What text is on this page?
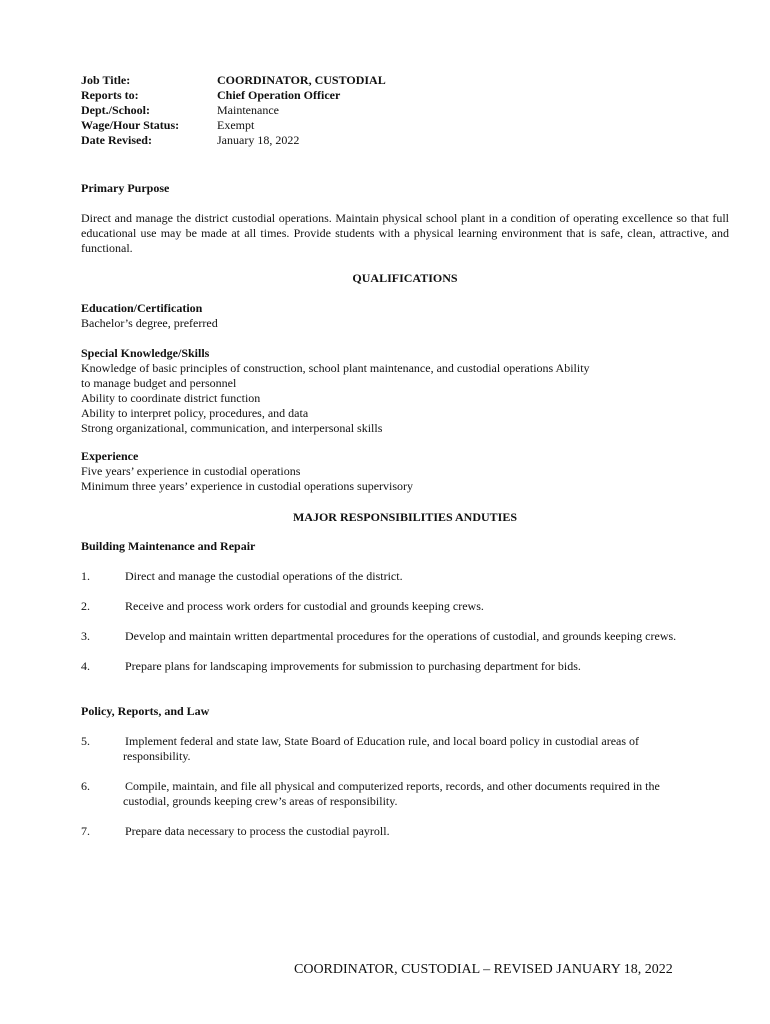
Job Title:	COORDINATOR, CUSTODIAL
Reports to:	Chief Operation Officer
Dept./School:	Maintenance
Wage/Hour Status:	Exempt
Date Revised:	January 18, 2022
Primary Purpose
Direct and manage the district custodial operations. Maintain physical school plant in a condition of operating excellence so that full educational use may be made at all times. Provide students with a physical learning environment that is safe, clean, attractive, and functional.
QUALIFICATIONS
Education/Certification
Bachelor’s degree, preferred
Special Knowledge/Skills
Knowledge of basic principles of construction, school plant maintenance, and custodial operations Ability
to manage budget and personnel
Ability to coordinate district function
Ability to interpret policy, procedures, and data
Strong organizational, communication, and interpersonal skills
Experience
Five years’ experience in custodial operations
Minimum three years’ experience in custodial operations supervisory
MAJOR RESPONSIBILITIES ANDUTIES
Building Maintenance and Repair
1.	Direct and manage the custodial operations of the district.
2.	Receive and process work orders for custodial and grounds keeping crews.
3.	Develop and maintain written departmental procedures for the operations of custodial, and grounds keeping crews.
4.	Prepare plans for landscaping improvements for submission to purchasing department for bids.
Policy, Reports, and Law
5.	Implement federal and state law, State Board of Education rule, and local board policy in custodial areas of
responsibility.
6.	Compile, maintain, and file all physical and computerized reports, records, and other documents required in the
custodial, grounds keeping crew’s areas of responsibility.
7.	Prepare data necessary to process the custodial payroll.
COORDINATOR, CUSTODIAL – REVISED JANUARY 18, 2022
